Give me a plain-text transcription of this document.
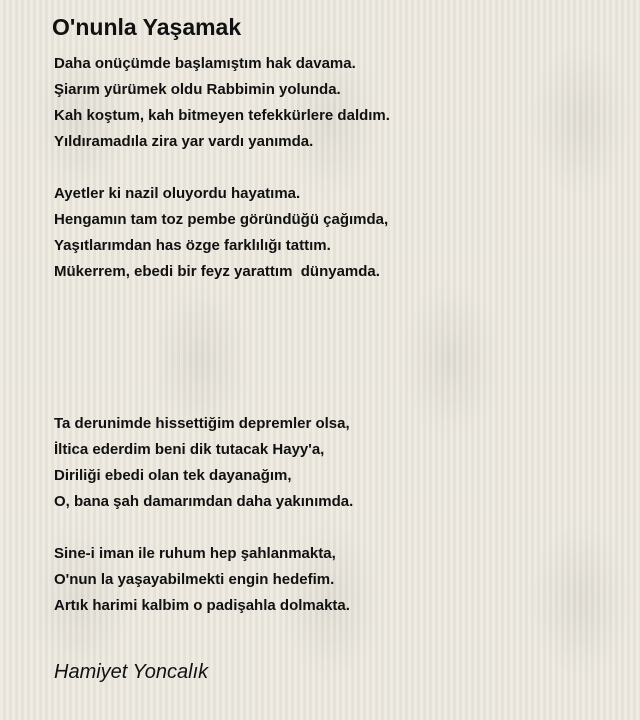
O'nunla Yaşamak
Daha onüçümde başlamıştım hak davama.
Şiarım yürümek oldu Rabbimin yolunda.
Kah koştum, kah bitmeyen tefekkürlere daldım.
Yıldıramadıla zira yar vardı yanımda.
Ayetler ki nazil oluyordu hayatıma.
Hengamın tam toz pembe göründüğü çağımda,
Yaşıtlarımdan has özge farklılığı tattım.
Mükerrem, ebedi bir feyz yarattım  dünyamda.
Ta derunimde hissettiğim depremler olsa,
İltica ederdim beni dik tutacak Hayy'a,
Diriliği ebedi olan tek dayanağım,
O, bana şah damarımdan daha yakınımda.
Sine-i iman ile ruhum hep şahlanmakta,
O'nun la yaşayabilmekti engin hedefim.
Artık harimi kalbim o padişahla dolmakta.

Hamiyet Yoncalık
